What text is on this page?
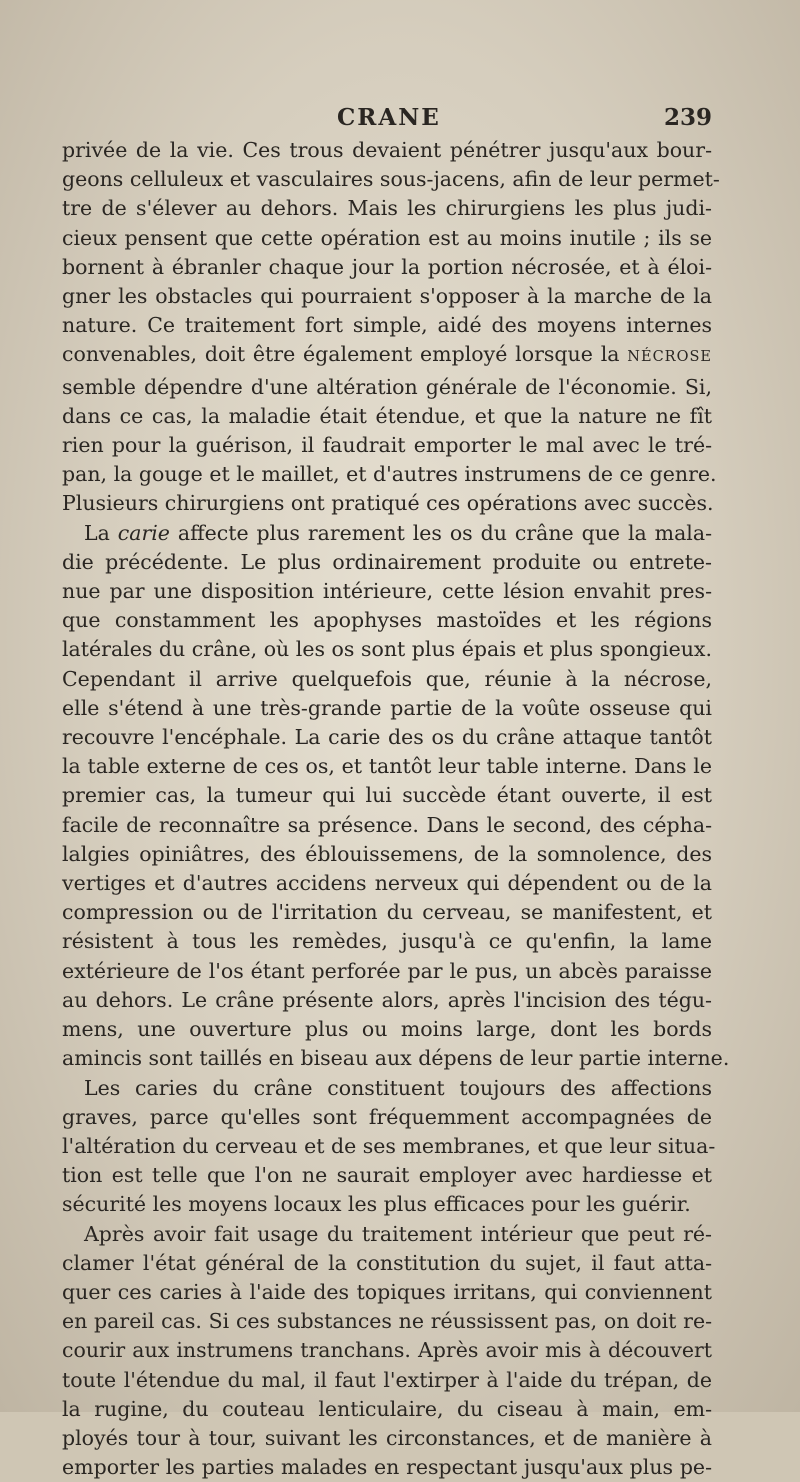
CRANE	239
privée de la vie. Ces trous devaient pénétrer jusqu'aux bour-
geons celluleux et vasculaires sous-jacens, afin de leur permet-
tre de s'élever au dehors. Mais les chirurgiens les plus judi-
cieux pensent que cette opération est au moins inutile ; ils se
bornent à ébranler chaque jour la portion nécrosée, et à éloi-
gner les obstacles qui pourraient s'opposer à la marche de la
nature. Ce traitement fort simple, aidé des moyens internes
convenables, doit être également employé lorsque la NÉCROSE
semble dépendre d'une altération générale de l'économie. Si,
dans ce cas, la maladie était étendue, et que la nature ne fît
rien pour la guérison, il faudrait emporter le mal avec le tré-
pan, la gouge et le maillet, et d'autres instrumens de ce genre.
Plusieurs chirurgiens ont pratiqué ces opérations avec succès.
La carie affecte plus rarement les os du crâne que la mala-
die précédente. Le plus ordinairement produite ou entrete-
nue par une disposition intérieure, cette lésion envahit pres-
que constamment les apophyses mastoïdes et les régions
latérales du crâne, où les os sont plus épais et plus spongieux.
Cependant il arrive quelquefois que, réunie à la nécrose,
elle s'étend à une très-grande partie de la voûte osseuse qui
recouvre l'encéphale. La carie des os du crâne attaque tantôt
la table externe de ces os, et tantôt leur table interne. Dans le
premier cas, la tumeur qui lui succède étant ouverte, il est
facile de reconnaître sa présence. Dans le second, des cépha-
lalgies opiniâtres, des éblouissemens, de la somnolence, des
vertiges et d'autres accidens nerveux qui dépendent ou de la
compression ou de l'irritation du cerveau, se manifestent, et
résistent à tous les remèdes, jusqu'à ce qu'enfin, la lame
extérieure de l'os étant perforée par le pus, un abcès paraisse
au dehors. Le crâne présente alors, après l'incision des tégu-
mens, une ouverture plus ou moins large, dont les bords
amincis sont taillés en biseau aux dépens de leur partie interne.
Les caries du crâne constituent toujours des affections
graves, parce qu'elles sont fréquemment accompagnées de
l'altération du cerveau et de ses membranes, et que leur situa-
tion est telle que l'on ne saurait employer avec hardiesse et
sécurité les moyens locaux les plus efficaces pour les guérir.
Après avoir fait usage du traitement intérieur que peut ré-
clamer l'état général de la constitution du sujet, il faut atta-
quer ces caries à l'aide des topiques irritans, qui conviennent
en pareil cas. Si ces substances ne réussissent pas, on doit re-
courir aux instrumens tranchans. Après avoir mis à découvert
toute l'étendue du mal, il faut l'extirper à l'aide du trépan, de
la rugine, du couteau lenticulaire, du ciseau à main, em-
ployés tour à tour, suivant les circonstances, et de manière à
emporter les parties malades en respectant jusqu'aux plus pe-
